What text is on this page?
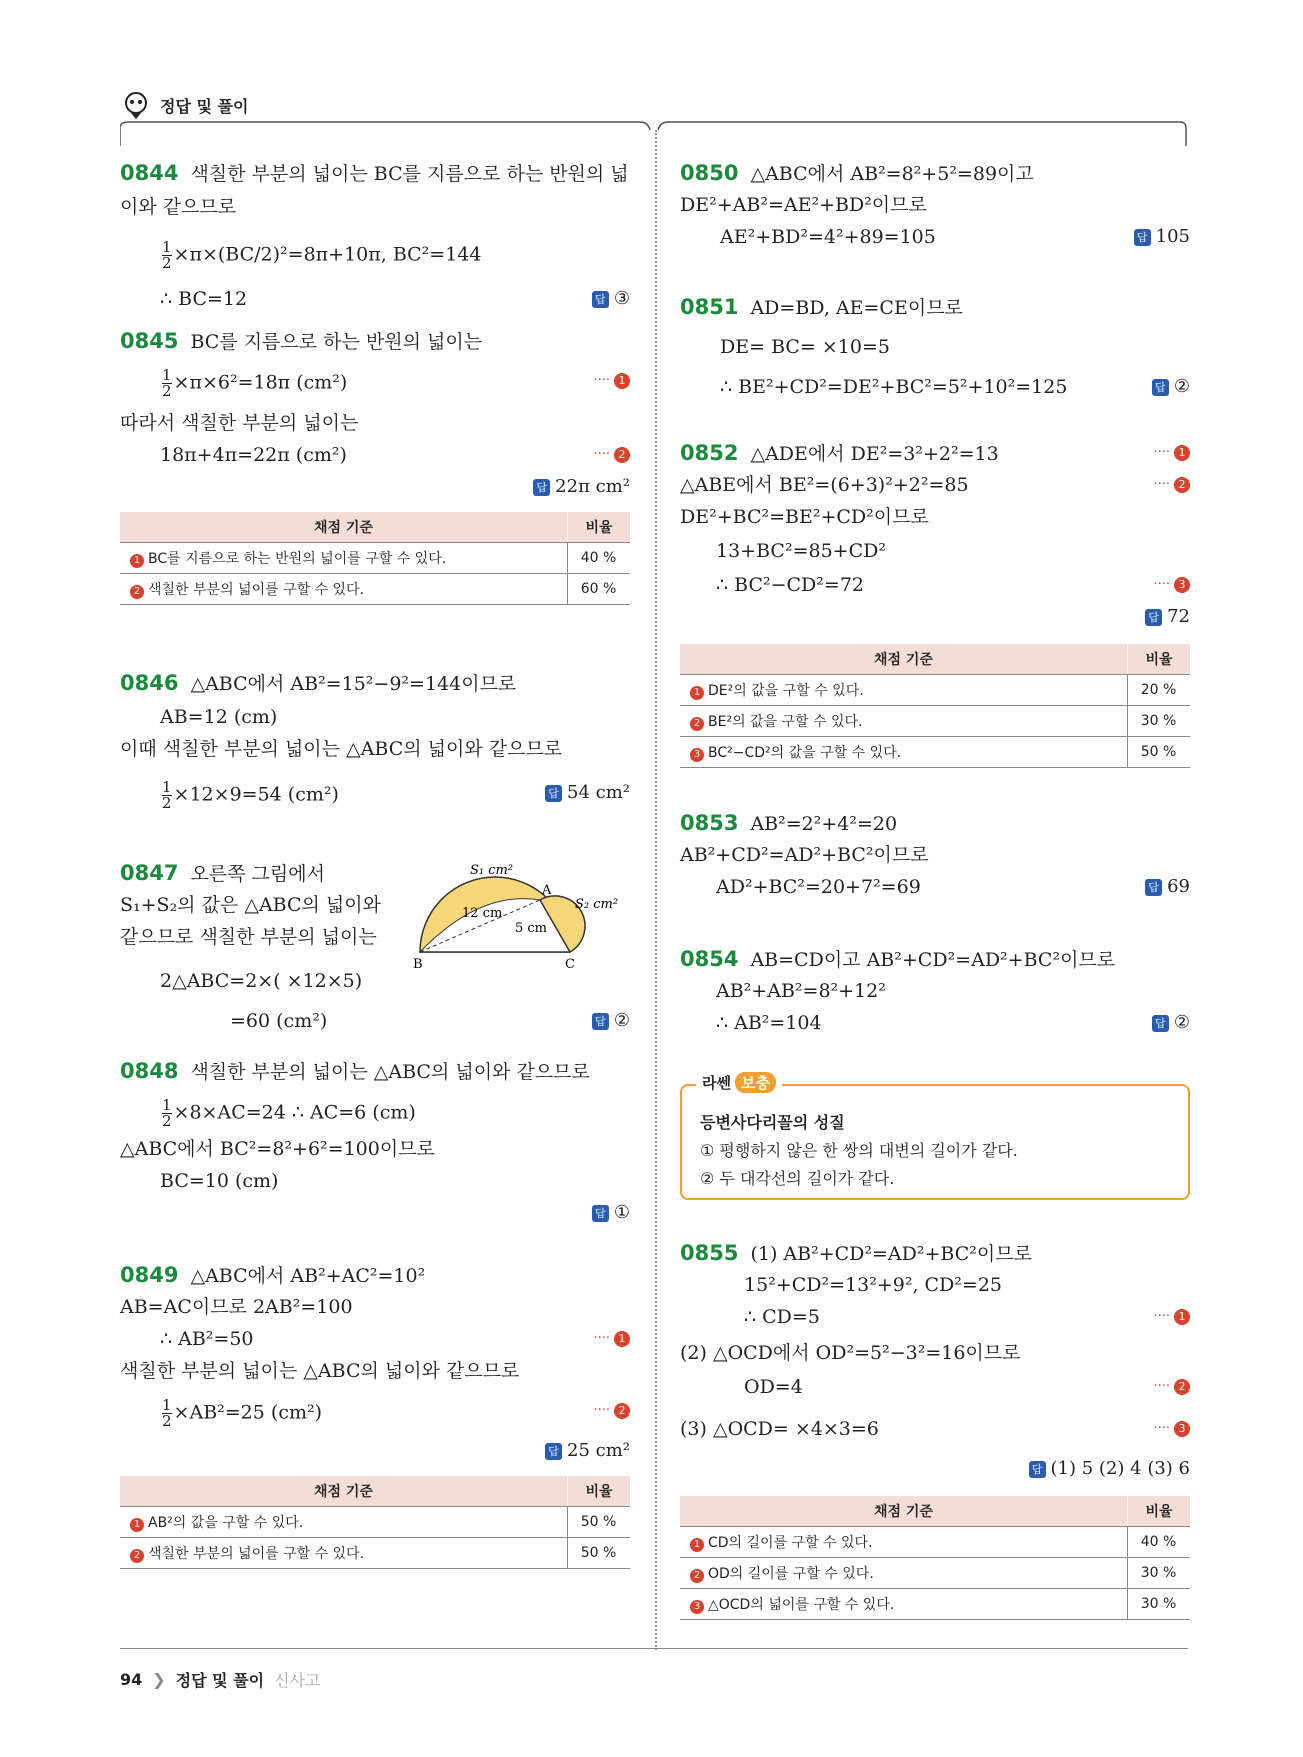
정답 및 풀이
0844 색칠한 부분의 넓이는 BC를 지름으로 하는 반원의 넓
이와 같으므로
$\frac{1}{2} \times\pi\times(BC/2)^2=8\pi+10\pi$, BC²=144
∴ BC=12	답 ③
0845 BC를 지름으로 하는 반원의 넓이는
$\frac{1}{2} \times\pi\times 6^2=18\pi$ (cm²)	···· 1
따라서 색칠한 부분의 넓이는
18π+4π=22π (cm²)	···· 2
답 22π cm²
채점 기준	비율
1 BC를 지름으로 하는 반원의 넓이를 구할 수 있다.	40 %
2 색칠한 부분의 넓이를 구할 수 있다.	60 %
0846 △ABC에서 AB²=15²−9²=144이므로
AB=12 (cm)
이때 색칠한 부분의 넓이는 △ABC의 넓이와 같으므로
$\frac{1}{2} \times 12\times 9=54$ (cm²)	답 54 cm²
0847 오른쪽 그림에서
S₁+S₂의 값은 △ABC의 넓이와
같으므로 색칠한 부분의 넓이는
2△ABC=2×( ×12×5)
=60 (cm²)	답 ②
S₁ cm²
S₂ cm²
A
B	C
12 cm
5 cm
0848 색칠한 부분의 넓이는 △ABC의 넓이와 같으므로
$\frac{1}{2} \times 8\times AC=24$ ∴ AC=6 (cm)
△ABC에서 BC²=8²+6²=100이므로
BC=10 (cm)
답 ①
0849 △ABC에서 AB²+AC²=10²
AB=AC이므로 2AB²=100
∴ AB²=50	···· 1
색칠한 부분의 넓이는 △ABC의 넓이와 같으므로
$\frac{1}{2} \times AB^2=25$ (cm²)	···· 2
답 25 cm²
채점 기준	비율
1 AB²의 값을 구할 수 있다.	50 %
2 색칠한 부분의 넓이를 구할 수 있다.	50 %
0850 △ABC에서 AB²=8²+5²=89이고
DE²+AB²=AE²+BD²이므로
AE²+BD²=4²+89=105	답 105
0851 AD=BD, AE=CE이므로
DE= BC= ×10=5
∴ BE²+CD²=DE²+BC²=5²+10²=125	답 ②
0852 △ADE에서 DE²=3²+2²=13	···· 1
△ABE에서 BE²=(6+3)²+2²=85	···· 2
DE²+BC²=BE²+CD²이므로
13+BC²=85+CD²
∴ BC²−CD²=72	···· 3
답 72
채점 기준	비율
1 DE²의 값을 구할 수 있다.	20 %
2 BE²의 값을 구할 수 있다.	30 %
3 BC²−CD²의 값을 구할 수 있다.	50 %
0853 AB²=2²+4²=20
AB²+CD²=AD²+BC²이므로
AD²+BC²=20+7²=69	답 69
0854 AB=CD이고 AB²+CD²=AD²+BC²이므로
AB²+AB²=8²+12²
∴ AB²=104	답 ②
라쎈 보충
등변사다리꼴의 성질
① 평행하지 않은 한 쌍의 대변의 길이가 같다.
② 두 대각선의 길이가 같다.
0855 (1) AB²+CD²=AD²+BC²이므로
15²+CD²=13²+9², CD²=25
∴ CD=5	···· 1
(2) △OCD에서 OD²=5²−3²=16이므로
OD=4	···· 2
(3) △OCD= ×4×3=6	···· 3
답 (1) 5 (2) 4 (3) 6
채점 기준	비율
1 CD의 길이를 구할 수 있다.	40 %
2 OD의 길이를 구할 수 있다.	30 %
3 △OCD의 넓이를 구할 수 있다.	30 %
94 ❯ 정답 및 풀이 신사고
